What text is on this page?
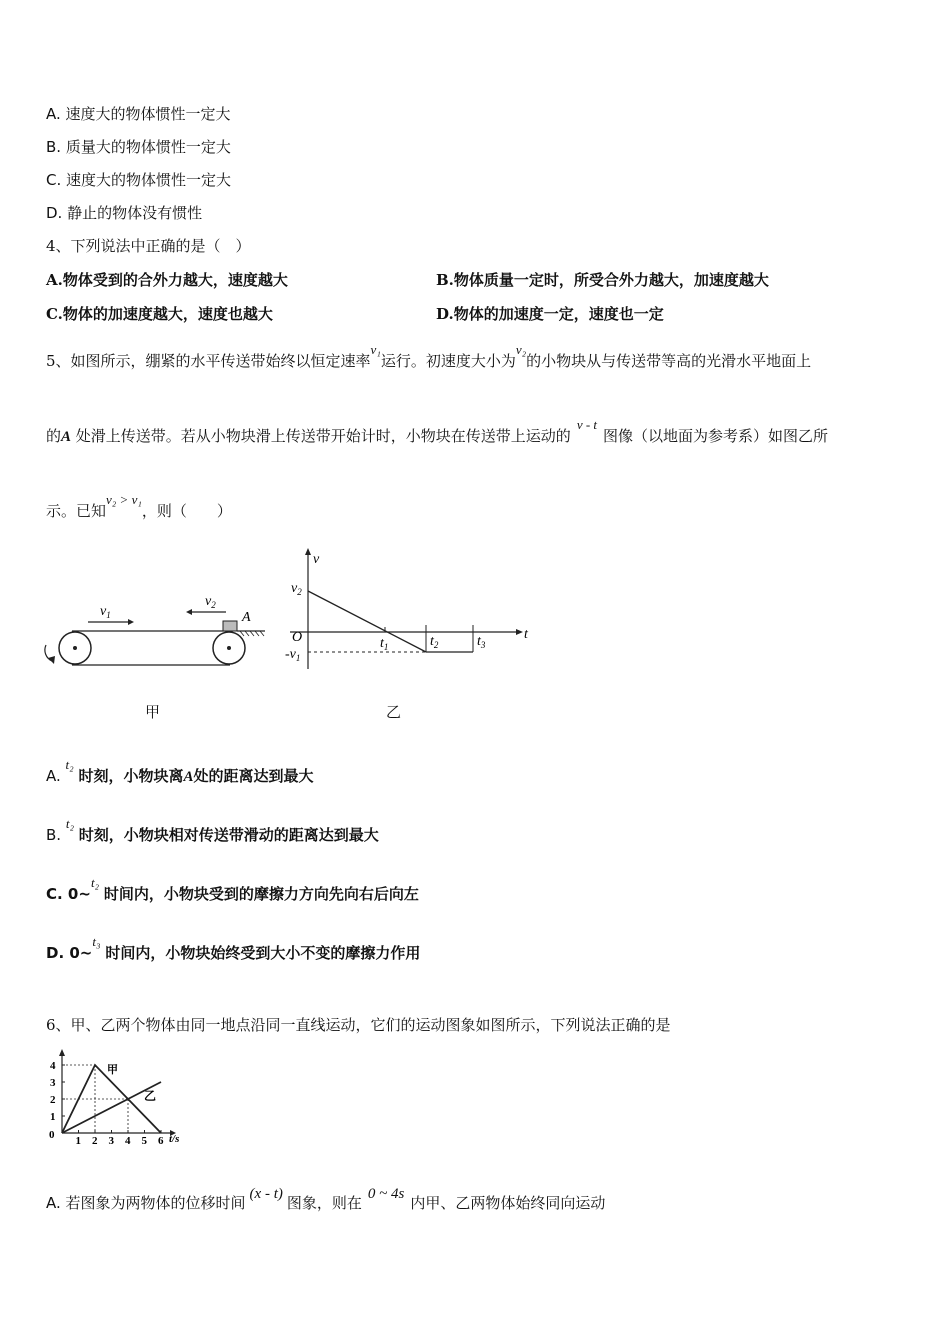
A. 速度大的物体惯性一定大
B. 质量大的物体惯性一定大
C. 速度大的物体惯性一定大
D. 静止的物体没有惯性
4、下列说法中正确的是（　）
A.物体受到的合外力越大，速度越大	B.物体质量一定时，所受合外力越大，加速度越大
C.物体的加速度越大，速度也越大	D.物体的加速度一定，速度也一定
5、如图所示，绷紧的水平传送带始终以恒定速率v₁运行。初速度大小为v₂的小物块从与传送带等高的光滑水平地面上
的A 处滑上传送带。若从小物块滑上传送带开始计时，小物块在传送带上运动的v - t图像（以地面为参考系）如图乙所
示。已知v₂ > v₁，则（　　）
$v_1$
$v_2$
A
v
t
O
$v_2$
$-v_1$
$t_1$	$t_2$	$t_3$
甲	乙
A. t₂ 时刻，小物块离A处的距离达到最大
B. t₂ 时刻，小物块相对传送带滑动的距离达到最大
C. 0~t₂ 时间内，小物块受到的摩擦力方向先向右后向左
D. 0~t₃ 时间内，小物块始终受到大小不变的摩擦力作用
6、甲、乙两个物体由同一地点沿同一直线运动，它们的运动图象如图所示，下列说法正确的是
1 2 3 4 5 6
1
2
3
4
0	t/s
甲
乙
A. 若图象为两物体的位移时间 (x - t) 图象，则在 0 ~ 4s 内甲、乙两物体始终同向运动
